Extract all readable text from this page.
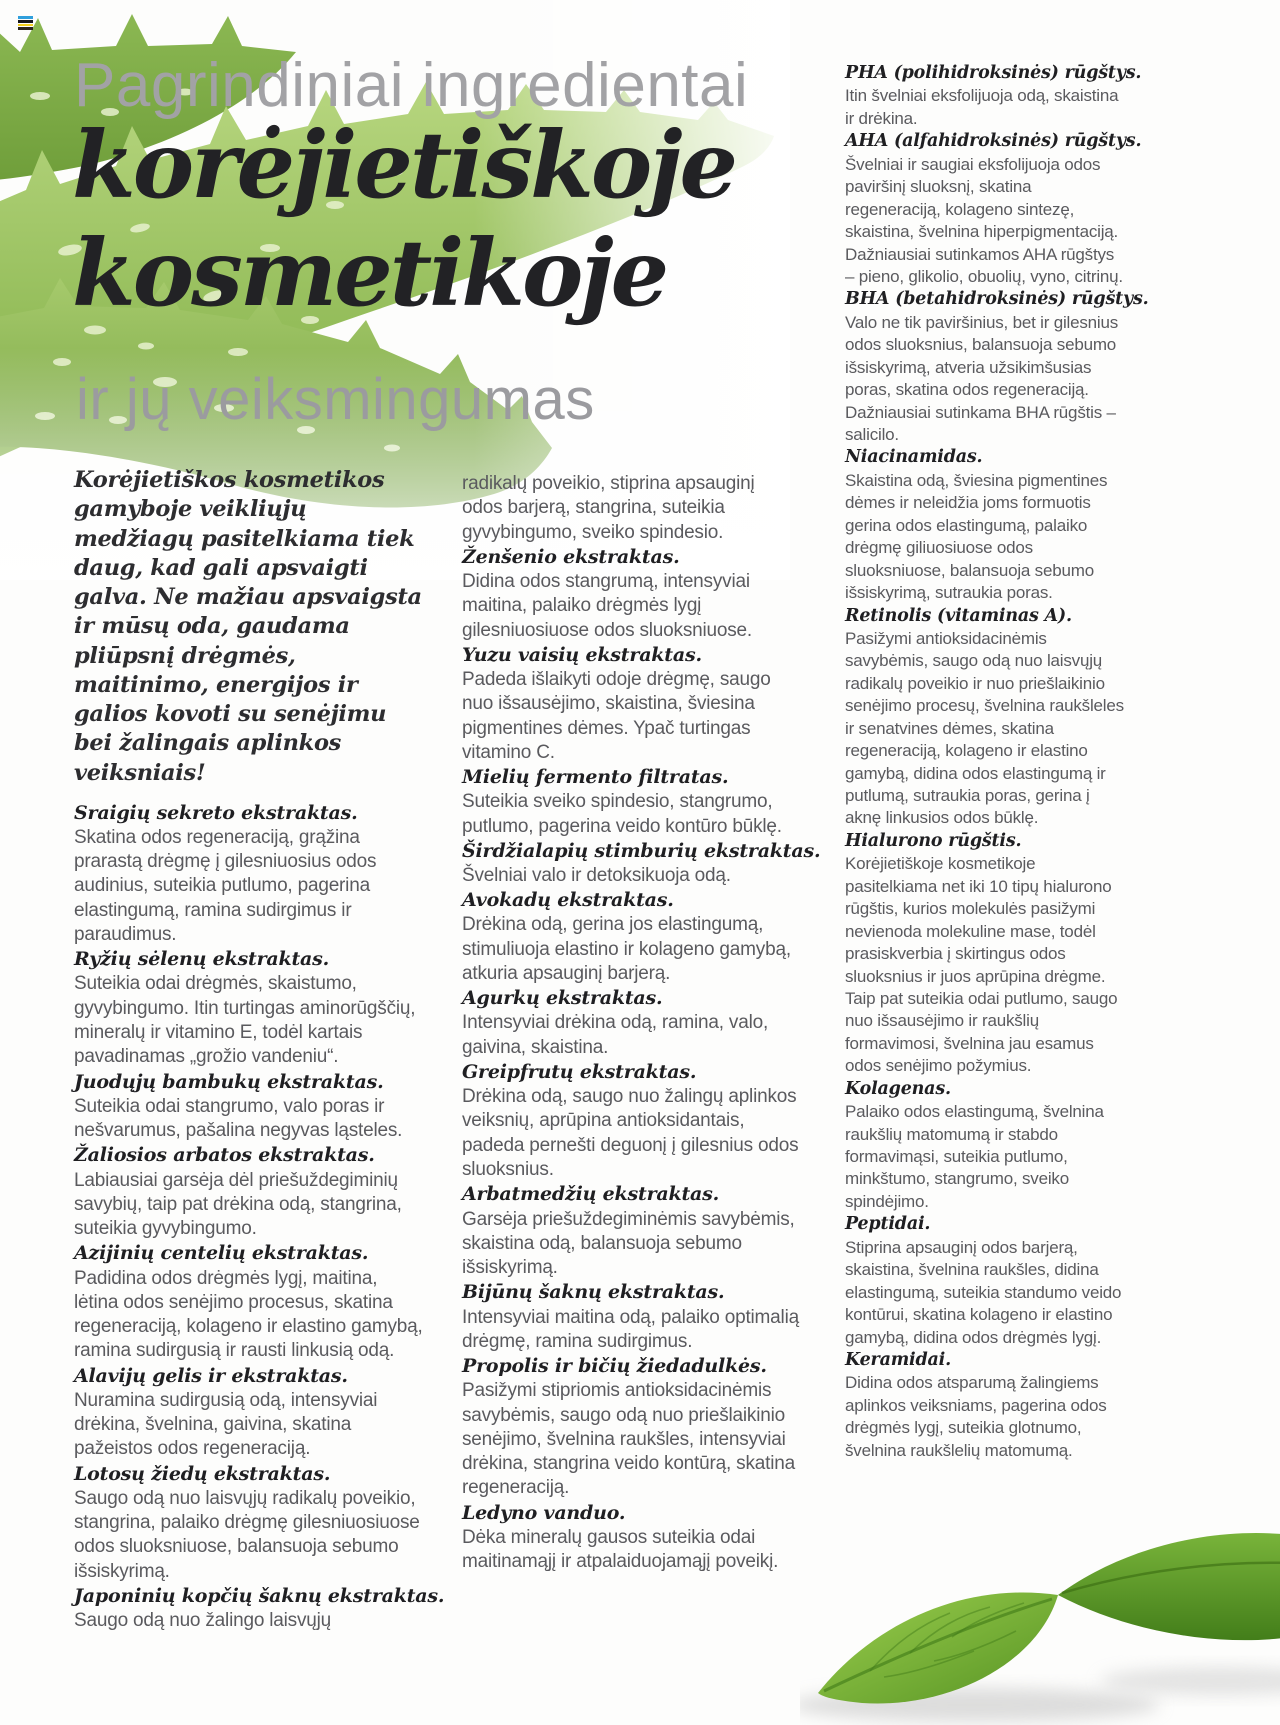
Pagrindiniai ingredientai
korėjietiškoje
kosmetikoje
ir jų veiksmingumas

Korėjietiškos kosmetikos gamyboje veikliųjų medžiagų pasitelkiama tiek daug, kad gali apsvaigti galva. Ne mažiau apsvaigsta ir mūsų oda, gaudama pliūpsnį drėgmės, maitinimo, energijos ir galios kovoti su senėjimu bei žalingais aplinkos veiksniais!

Sraigių sekreto ekstraktas.
Skatina odos regeneraciją, grąžina prarastą drėgmę į gilesniuosius odos audinius, suteikia putlumo, pagerina elastingumą, ramina sudirgimus ir paraudimus.
Ryžių sėlenų ekstraktas.
Suteikia odai drėgmės, skaistumo, gyvybingumo. Itin turtingas aminorūgščių, mineralų ir vitamino E, todėl kartais pavadinamas „grožio vandeniu“.
Juodųjų bambukų ekstraktas.
Suteikia odai stangrumo, valo poras ir nešvarumus, pašalina negyvas ląsteles.
Žaliosios arbatos ekstraktas.
Labiausiai garsėja dėl priešuždegiminių savybių, taip pat drėkina odą, stangrina, suteikia gyvybingumo.
Azijinių centelių ekstraktas.
Padidina odos drėgmės lygį, maitina, lėtina odos senėjimo procesus, skatina regeneraciją, kolageno ir elastino gamybą, ramina sudirgusią ir rausti linkusią odą.
Alavijų gelis ir ekstraktas.
Nuramina sudirgusią odą, intensyviai drėkina, švelnina, gaivina, skatina pažeistos odos regeneraciją.
Lotosų žiedų ekstraktas.
Saugo odą nuo laisvųjų radikalų poveikio, stangrina, palaiko drėgmę gilesniuosiuose odos sluoksniuose, balansuoja sebumo išsiskyrimą.
Japoninių kopčių šaknų ekstraktas.
Saugo odą nuo žalingo laisvųjų
radikalų poveikio, stiprina apsauginį odos barjerą, stangrina, suteikia gyvybingumo, sveiko spindesio.
Ženšenio ekstraktas.
Didina odos stangrumą, intensyviai maitina, palaiko drėgmės lygį gilesniuosiuose odos sluoksniuose.
Yuzu vaisių ekstraktas.
Padeda išlaikyti odoje drėgmę, saugo nuo išsausėjimo, skaistina, šviesina pigmentines dėmes. Ypač turtingas vitamino C.
Mielių fermento filtratas.
Suteikia sveiko spindesio, stangrumo, putlumo, pagerina veido kontūro būklę.
Širdžialapių stimburių ekstraktas.
Švelniai valo ir detoksikuoja odą.
Avokadų ekstraktas.
Drėkina odą, gerina jos elastingumą, stimuliuoja elastino ir kolageno gamybą, atkuria apsauginį barjerą.
Agurkų ekstraktas.
Intensyviai drėkina odą, ramina, valo, gaivina, skaistina.
Greipfrutų ekstraktas.
Drėkina odą, saugo nuo žalingų aplinkos veiksnių, aprūpina antioksidantais, padeda pernešti deguonį į gilesnius odos sluoksnius.
Arbatmedžių ekstraktas.
Garsėja priešuždegiminėmis savybėmis, skaistina odą, balansuoja sebumo išsiskyrimą.
Bijūnų šaknų ekstraktas.
Intensyviai maitina odą, palaiko optimalią drėgmę, ramina sudirgimus.
Propolis ir bičių žiedadulkės.
Pasižymi stipriomis antioksidacinėmis savybėmis, saugo odą nuo priešlaikinio senėjimo, švelnina raukšles, intensyviai drėkina, stangrina veido kontūrą, skatina regeneraciją.
Ledyno vanduo.
Dėka mineralų gausos suteikia odai maitinamąjį ir atpalaiduojamąjį poveikį.
PHA (polihidroksinės) rūgštys.
Itin švelniai eksfolijuoja odą, skaistina ir drėkina.
AHA (alfahidroksinės) rūgštys.
Švelniai ir saugiai eksfolijuoja odos paviršinį sluoksnį, skatina regeneraciją, kolageno sintezę, skaistina, švelnina hiperpigmentaciją. Dažniausiai sutinkamos AHA rūgštys – pieno, glikolio, obuolių, vyno, citrinų.
BHA (betahidroksinės) rūgštys.
Valo ne tik paviršinius, bet ir gilesnius odos sluoksnius, balansuoja sebumo išsiskyrimą, atveria užsikimšusias poras, skatina odos regeneraciją. Dažniausiai sutinkama BHA rūgštis – salicilo.
Niacinamidas.
Skaistina odą, šviesina pigmentines dėmes ir neleidžia joms formuotis gerina odos elastingumą, palaiko drėgmę giliuosiuose odos sluoksniuose, balansuoja sebumo išsiskyrimą, sutraukia poras.
Retinolis (vitaminas A).
Pasižymi antioksidacinėmis savybėmis, saugo odą nuo laisvųjų radikalų poveikio ir nuo priešlaikinio senėjimo procesų, švelnina raukšleles ir senatvines dėmes, skatina regeneraciją, kolageno ir elastino gamybą, didina odos elastingumą ir putlumą, sutraukia poras, gerina į aknę linkusios odos būklę.
Hialurono rūgštis.
Korėjietiškoje kosmetikoje pasitelkiama net iki 10 tipų hialurono rūgštis, kurios molekulės pasižymi nevienoda molekuline mase, todėl prasiskverbia į skirtingus odos sluoksnius ir juos aprūpina drėgme. Taip pat suteikia odai putlumo, saugo nuo išsausėjimo ir raukšlių formavimosi, švelnina jau esamus odos senėjimo požymius.
Kolagenas.
Palaiko odos elastingumą, švelnina raukšlių matomumą ir stabdo formavimąsi, suteikia putlumo, minkštumo, stangrumo, sveiko spindėjimo.
Peptidai.
Stiprina apsauginį odos barjerą, skaistina, švelnina raukšles, didina elastingumą, suteikia standumo veido kontūrui, skatina kolageno ir elastino gamybą, didina odos drėgmės lygį.
Keramidai.
Didina odos atsparumą žalingiems aplinkos veiksniams, pagerina odos drėgmės lygį, suteikia glotnumo, švelnina raukšlelių matomumą.
